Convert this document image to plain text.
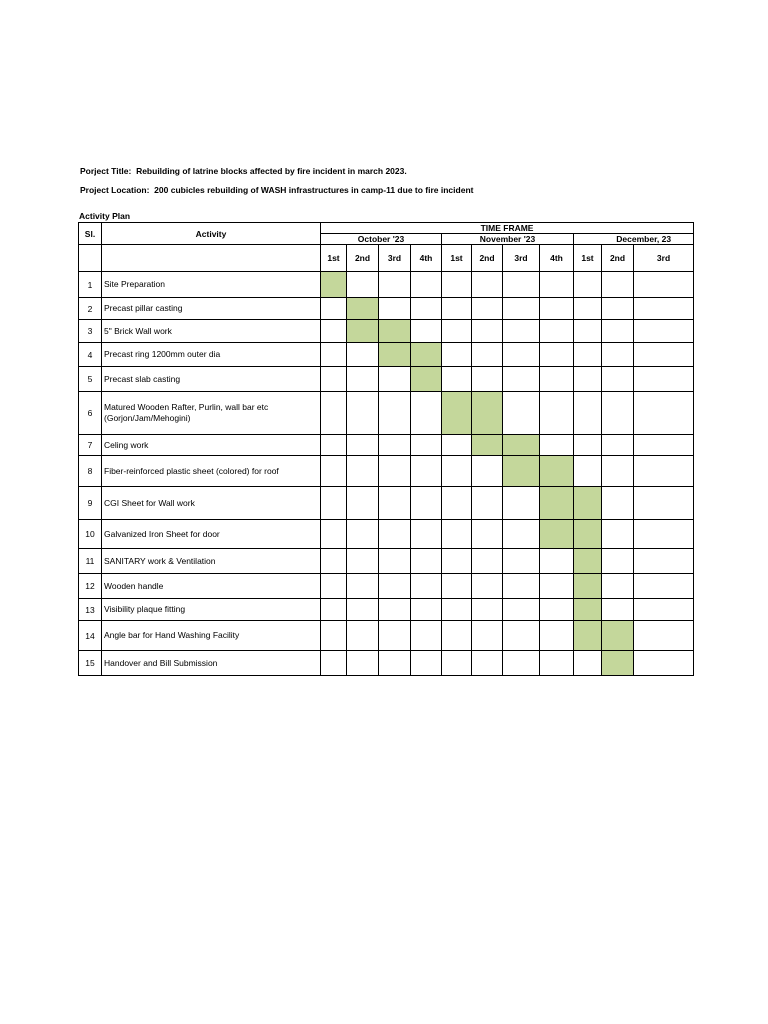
Porject Title: Rebuilding of latrine blocks affected by fire incident in march 2023.
Project Location: 200 cubicles rebuilding of WASH infrastructures in camp-11 due to fire incident
Activity Plan
Sl.	Activity	TIME FRAME										
		October '23				November '23				December, 23		
		1st	2nd	3rd	4th	1st	2nd	3rd	4th	1st	2nd	3rd
1	Site Preparation											
2	Precast pillar casting											
3	5" Brick Wall work											
4	Precast ring 1200mm outer dia											
5	Precast slab casting											
6	Matured Wooden Rafter, Purlin, wall bar etc (Gorjon/Jam/Mehogini)											
7	Celing work											
8	Fiber-reinforced plastic sheet (colored) for roof											
9	CGI Sheet for Wall work											
10	Galvanized Iron Sheet for door											
11	SANITARY work & Ventilation											
12	Wooden handle											
13	Visibility plaque fitting											
14	Angle bar for Hand Washing Facility											
15	Handover and Bill Submission											
